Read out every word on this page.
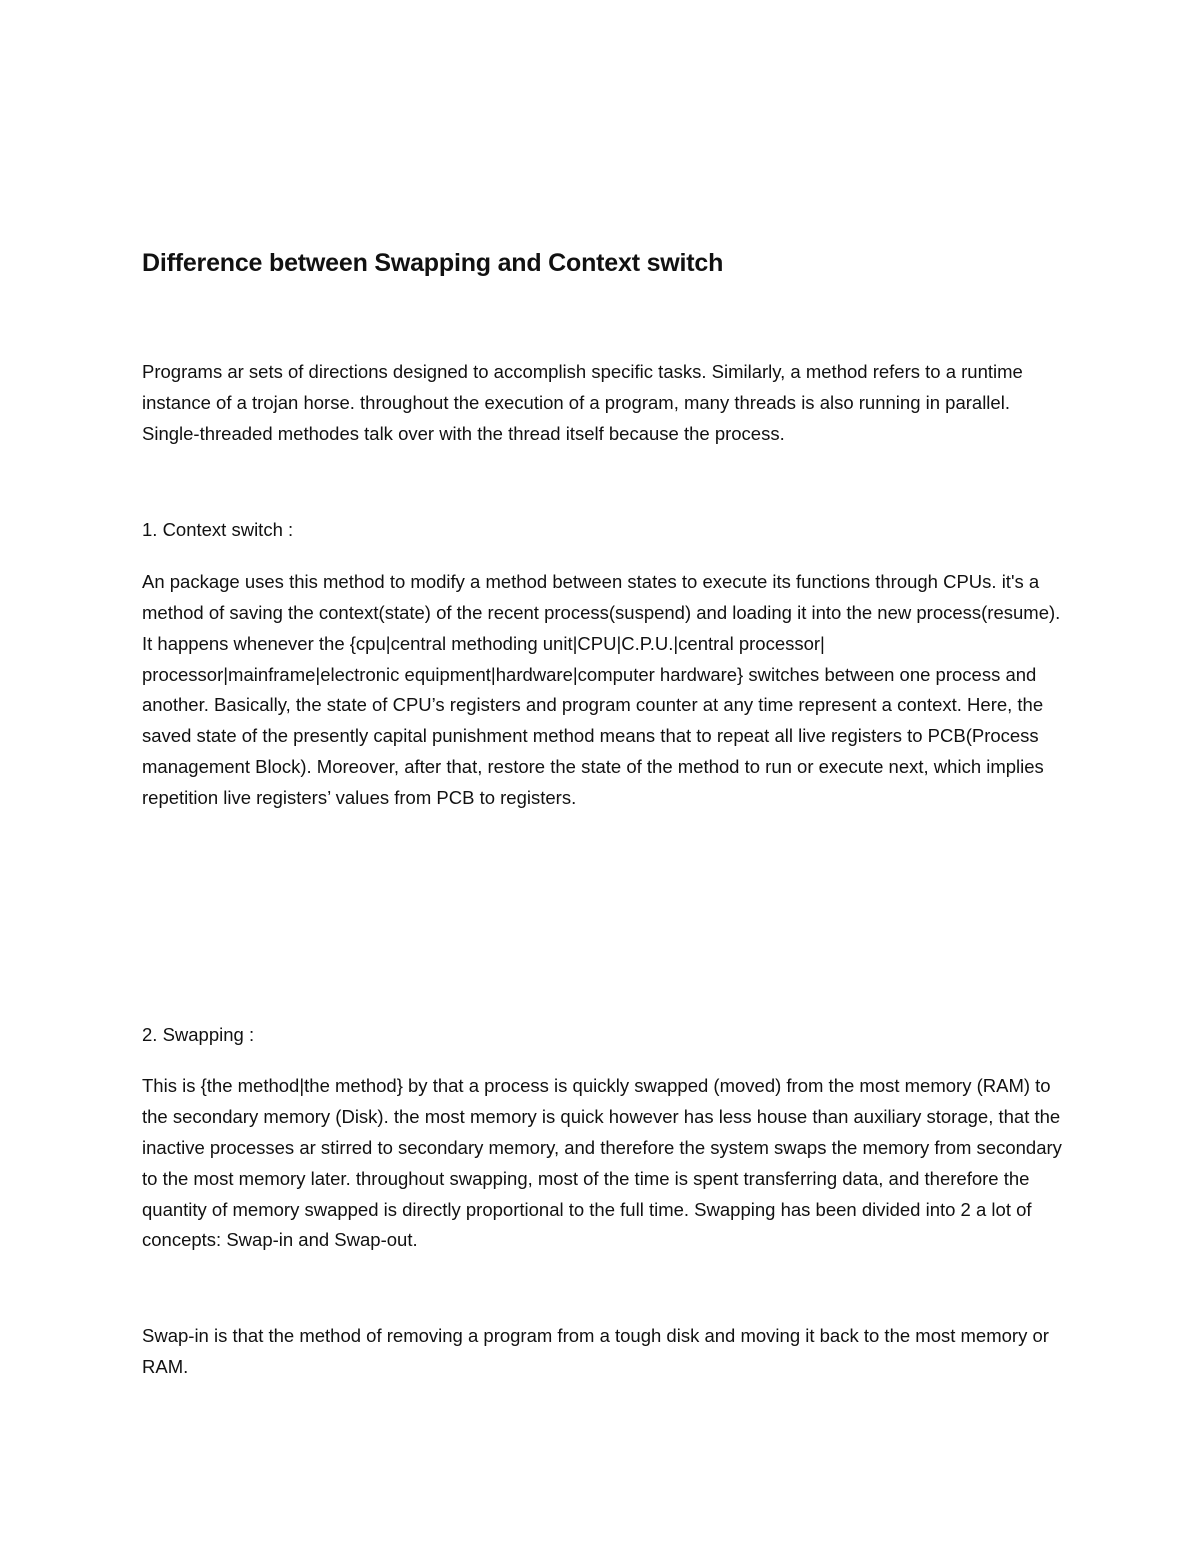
Difference between Swapping and Context switch

Programs ar sets of directions designed to accomplish specific tasks. Similarly, a method refers to a runtime instance of a trojan horse. throughout the execution of a program, many threads is also running in parallel. Single-threaded methodes talk over with the thread itself because the process.

1. Context switch :

An package uses this method to modify a method between states to execute its functions through CPUs. it's a method of saving the context(state) of the recent process(suspend) and loading it into the new process(resume). It happens whenever the {cpu|central methoding unit|CPU|C.P.U.|central processor| processor|mainframe|electronic equipment|hardware|computer hardware} switches between one process and another. Basically, the state of CPU’s registers and program counter at any time represent a context. Here, the saved state of the presently capital punishment method means that to repeat all live registers to PCB(Process management Block). Moreover, after that, restore the state of the method to run or execute next, which implies repetition live registers’ values from PCB to registers.

2. Swapping :

This is {the method|the method} by that a process is quickly swapped (moved) from the most memory (RAM) to the secondary memory (Disk). the most memory is quick however has less house than auxiliary storage, that the inactive processes ar stirred to secondary memory, and therefore the system swaps the memory from secondary to the most memory later. throughout swapping, most of the time is spent transferring data, and therefore the quantity of memory swapped is directly proportional to the full time. Swapping has been divided into 2 a lot of concepts: Swap-in and Swap-out.

Swap-in is that the method of removing a program from a tough disk and moving it back to the most memory or RAM.
